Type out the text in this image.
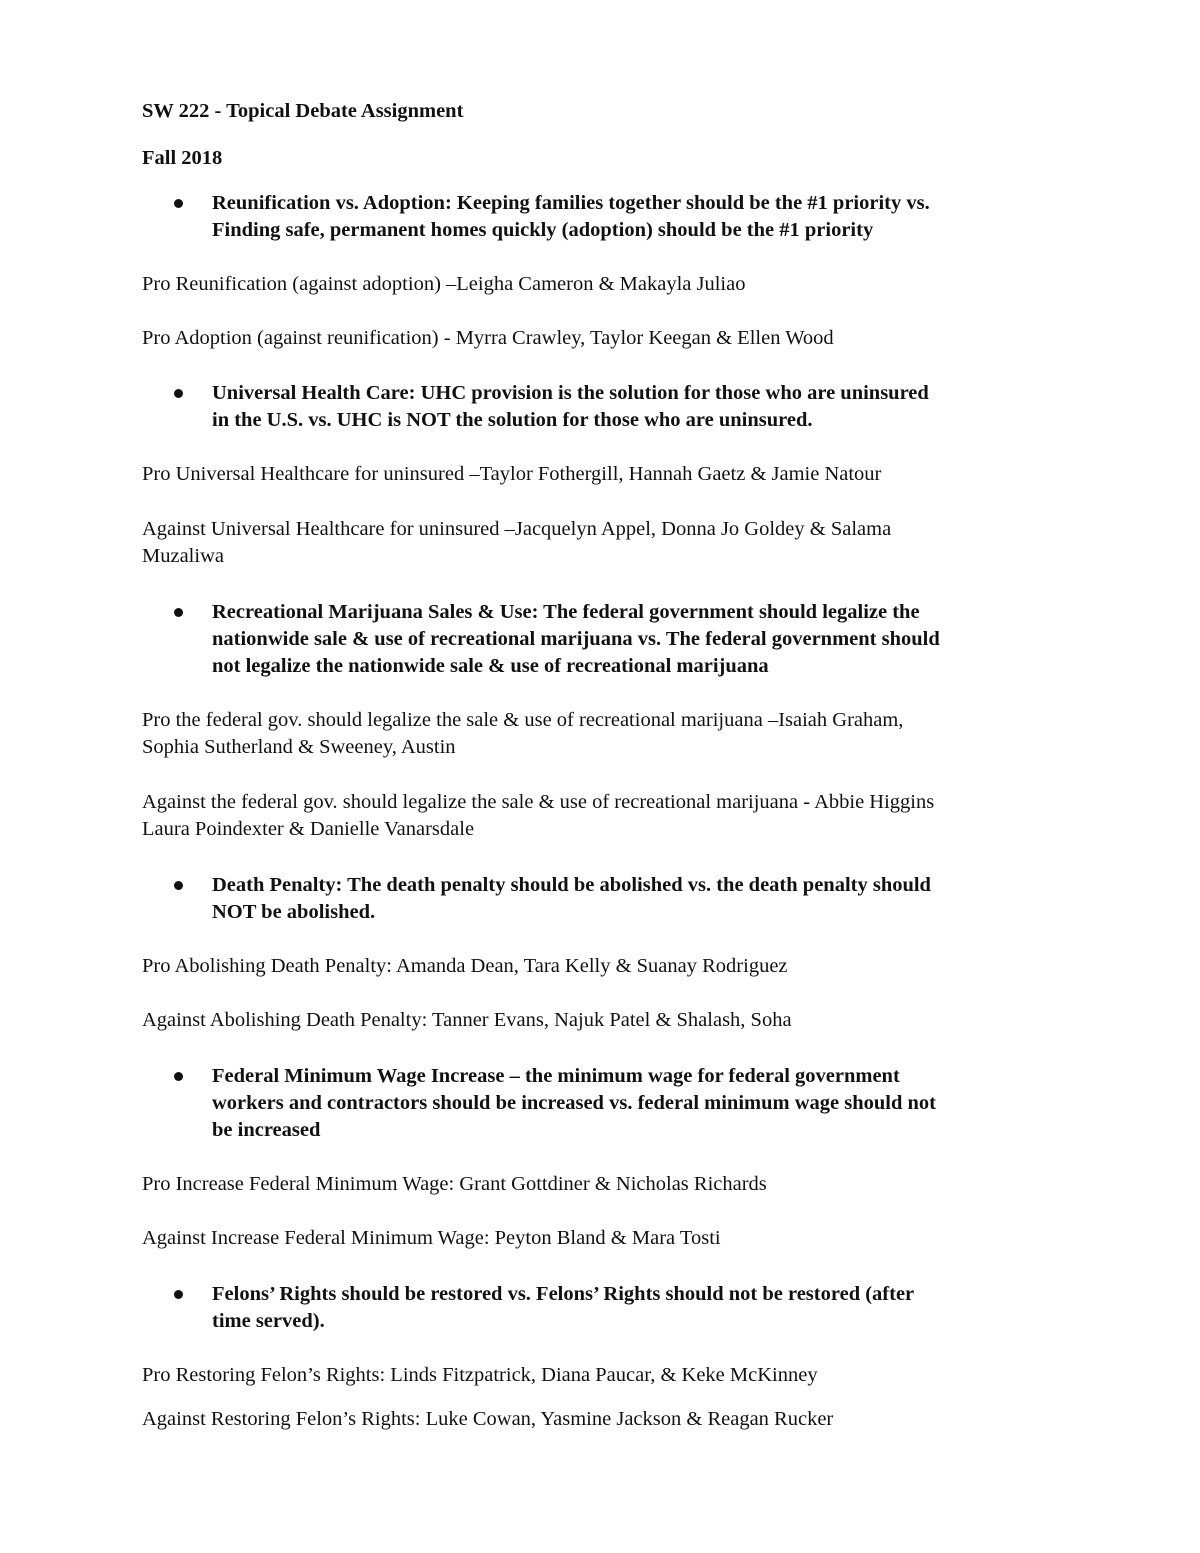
SW 222 - Topical Debate Assignment
Fall 2018
Reunification vs. Adoption: Keeping families together should be the #1 priority vs.
Finding safe, permanent homes quickly (adoption) should be the #1 priority
Pro Reunification (against adoption) –Leigha Cameron & Makayla Juliao
Pro Adoption (against reunification) - Myrra Crawley, Taylor Keegan & Ellen Wood
Universal Health Care: UHC provision is the solution for those who are uninsured
in the U.S. vs. UHC is NOT the solution for those who are uninsured.
Pro Universal Healthcare for uninsured –Taylor Fothergill, Hannah Gaetz & Jamie Natour
Against Universal Healthcare for uninsured –Jacquelyn Appel, Donna Jo Goldey & Salama
Muzaliwa
Recreational Marijuana Sales & Use: The federal government should legalize the
nationwide sale & use of recreational marijuana vs. The federal government should
not legalize the nationwide sale & use of recreational marijuana
Pro the federal gov. should legalize the sale & use of recreational marijuana –Isaiah Graham,
Sophia Sutherland & Sweeney, Austin
Against the federal gov. should legalize the sale & use of recreational marijuana - Abbie Higgins
Laura Poindexter & Danielle Vanarsdale
Death Penalty: The death penalty should be abolished vs. the death penalty should
NOT be abolished.
Pro Abolishing Death Penalty: Amanda Dean, Tara Kelly & Suanay Rodriguez
Against Abolishing Death Penalty: Tanner Evans, Najuk Patel & Shalash, Soha
Federal Minimum Wage Increase – the minimum wage for federal government
workers and contractors should be increased vs. federal minimum wage should not
be increased
Pro Increase Federal Minimum Wage: Grant Gottdiner & Nicholas Richards
Against Increase Federal Minimum Wage: Peyton Bland & Mara Tosti
Felons’ Rights should be restored vs. Felons’ Rights should not be restored (after
time served).
Pro Restoring Felon’s Rights: Linds Fitzpatrick, Diana Paucar, & Keke McKinney
Against Restoring Felon’s Rights: Luke Cowan, Yasmine Jackson & Reagan Rucker
